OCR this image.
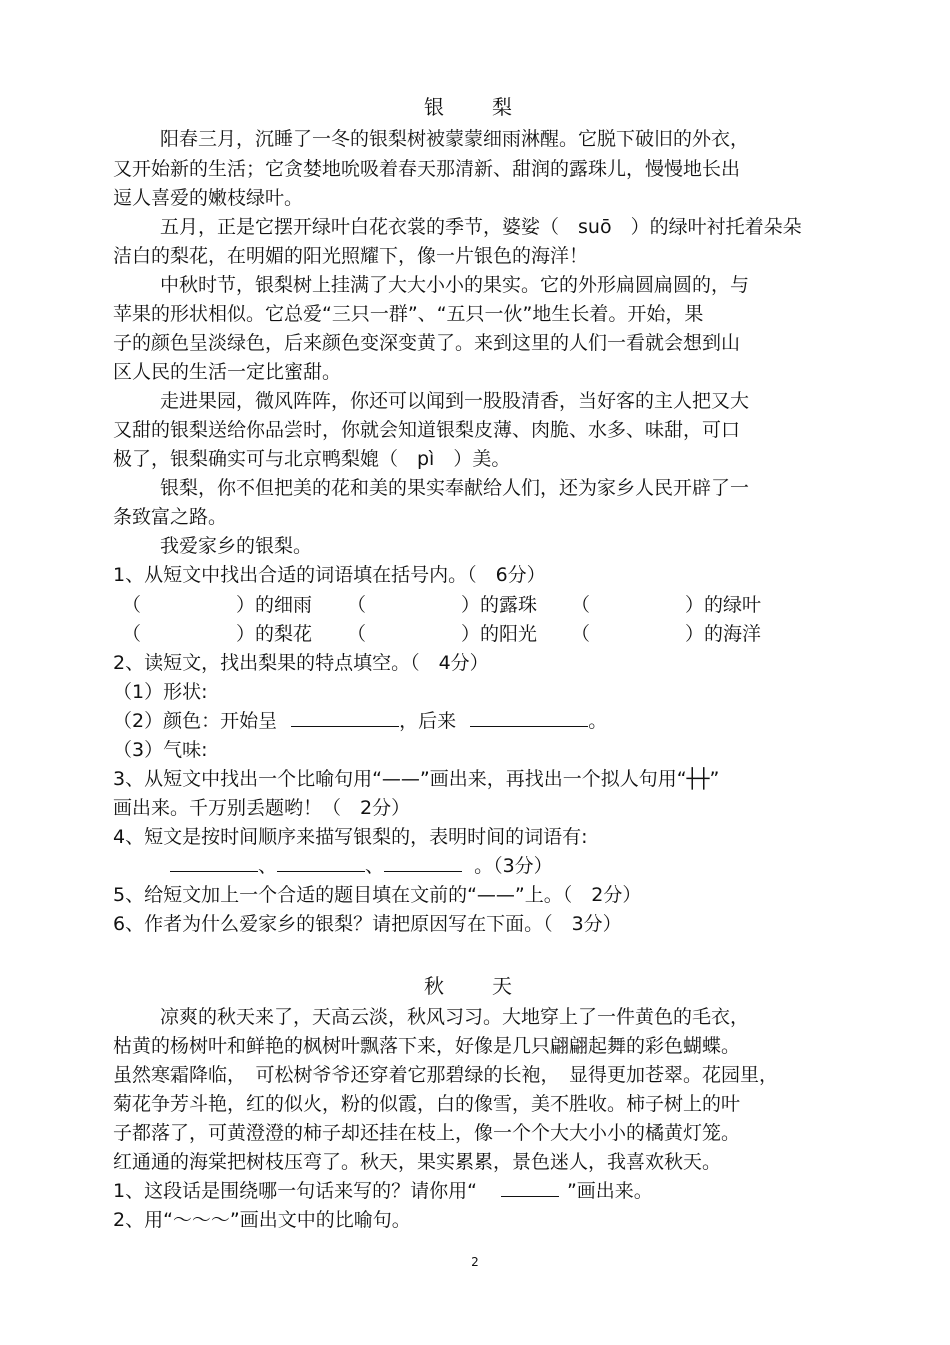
银　梨
阳春三月，沉睡了一冬的银梨树被蒙蒙细雨淋醒。它脱下破旧的外衣，
又开始新的生活；它贪婪地吮吸着春天那清新、甜润的露珠儿，慢慢地长出
逗人喜爱的嫩枝绿叶。
五月，正是它摆开绿叶白花衣裳的季节，婆娑（　suō　）的绿叶衬托着朵朵
洁白的梨花，在明媚的阳光照耀下，像一片银色的海洋！
中秋时节，银梨树上挂满了大大小小的果实。它的外形扁圆扁圆的，与
苹果的形状相似。它总爱“三只一群”、“五只一伙”地生长着。开始，果
子的颜色呈淡绿色，后来颜色变深变黄了。来到这里的人们一看就会想到山
区人民的生活一定比蜜甜。
走进果园，微风阵阵，你还可以闻到一股股清香，当好客的主人把又大
又甜的银梨送给你品尝时，你就会知道银梨皮薄、肉脆、水多、味甜，可口
极了，银梨确实可与北京鸭梨媲（　pì　）美。
银梨，你不但把美的花和美的果实奉献给人们，还为家乡人民开辟了一
条致富之路。
我爱家乡的银梨。
1、从短文中找出合适的词语填在括号内。（　6分）
（　　　　　）的细雨 （　　　　　）的露珠 （　　　　　）的绿叶
（　　　　　）的梨花 （　　　　　）的阳光 （　　　　　）的海洋
2、读短文，找出梨果的特点填空。（　4分）
（1）形状:
（2）颜色：开始呈	，后来	。
（3）气味:
3、从短文中找出一个比喻句用“——”画出来，再找出一个拟人句用“┼┼”
画出来。千万别丢题哟！（　2分）
4、短文是按时间顺序来描写银梨的，表明时间的词语有:
、	、	。（3分）
5、给短文加上一个合适的题目填在文前的“——”上。（　2分）
6、作者为什么爱家乡的银梨？请把原因写在下面。（　3分）
秋　天
凉爽的秋天来了，天高云淡，秋风习习。大地穿上了一件黄色的毛衣，
枯黄的杨树叶和鲜艳的枫树叶飘落下来，好像是几只翩翩起舞的彩色蝴蝶。
虽然寒霜降临，　可松树爷爷还穿着它那碧绿的长袍，　显得更加苍翠。花园里，
菊花争芳斗艳，红的似火，粉的似霞，白的像雪，美不胜收。柿子树上的叶
子都落了，可黄澄澄的柿子却还挂在枝上，像一个个大大小小的橘黄灯笼。
红通通的海棠把树枝压弯了。秋天，果实累累，景色迷人，我喜欢秋天。
1、这段话是围绕哪一句话来写的？请你用“	”画出来。
2、用“～～～”画出文中的比喻句。
2
